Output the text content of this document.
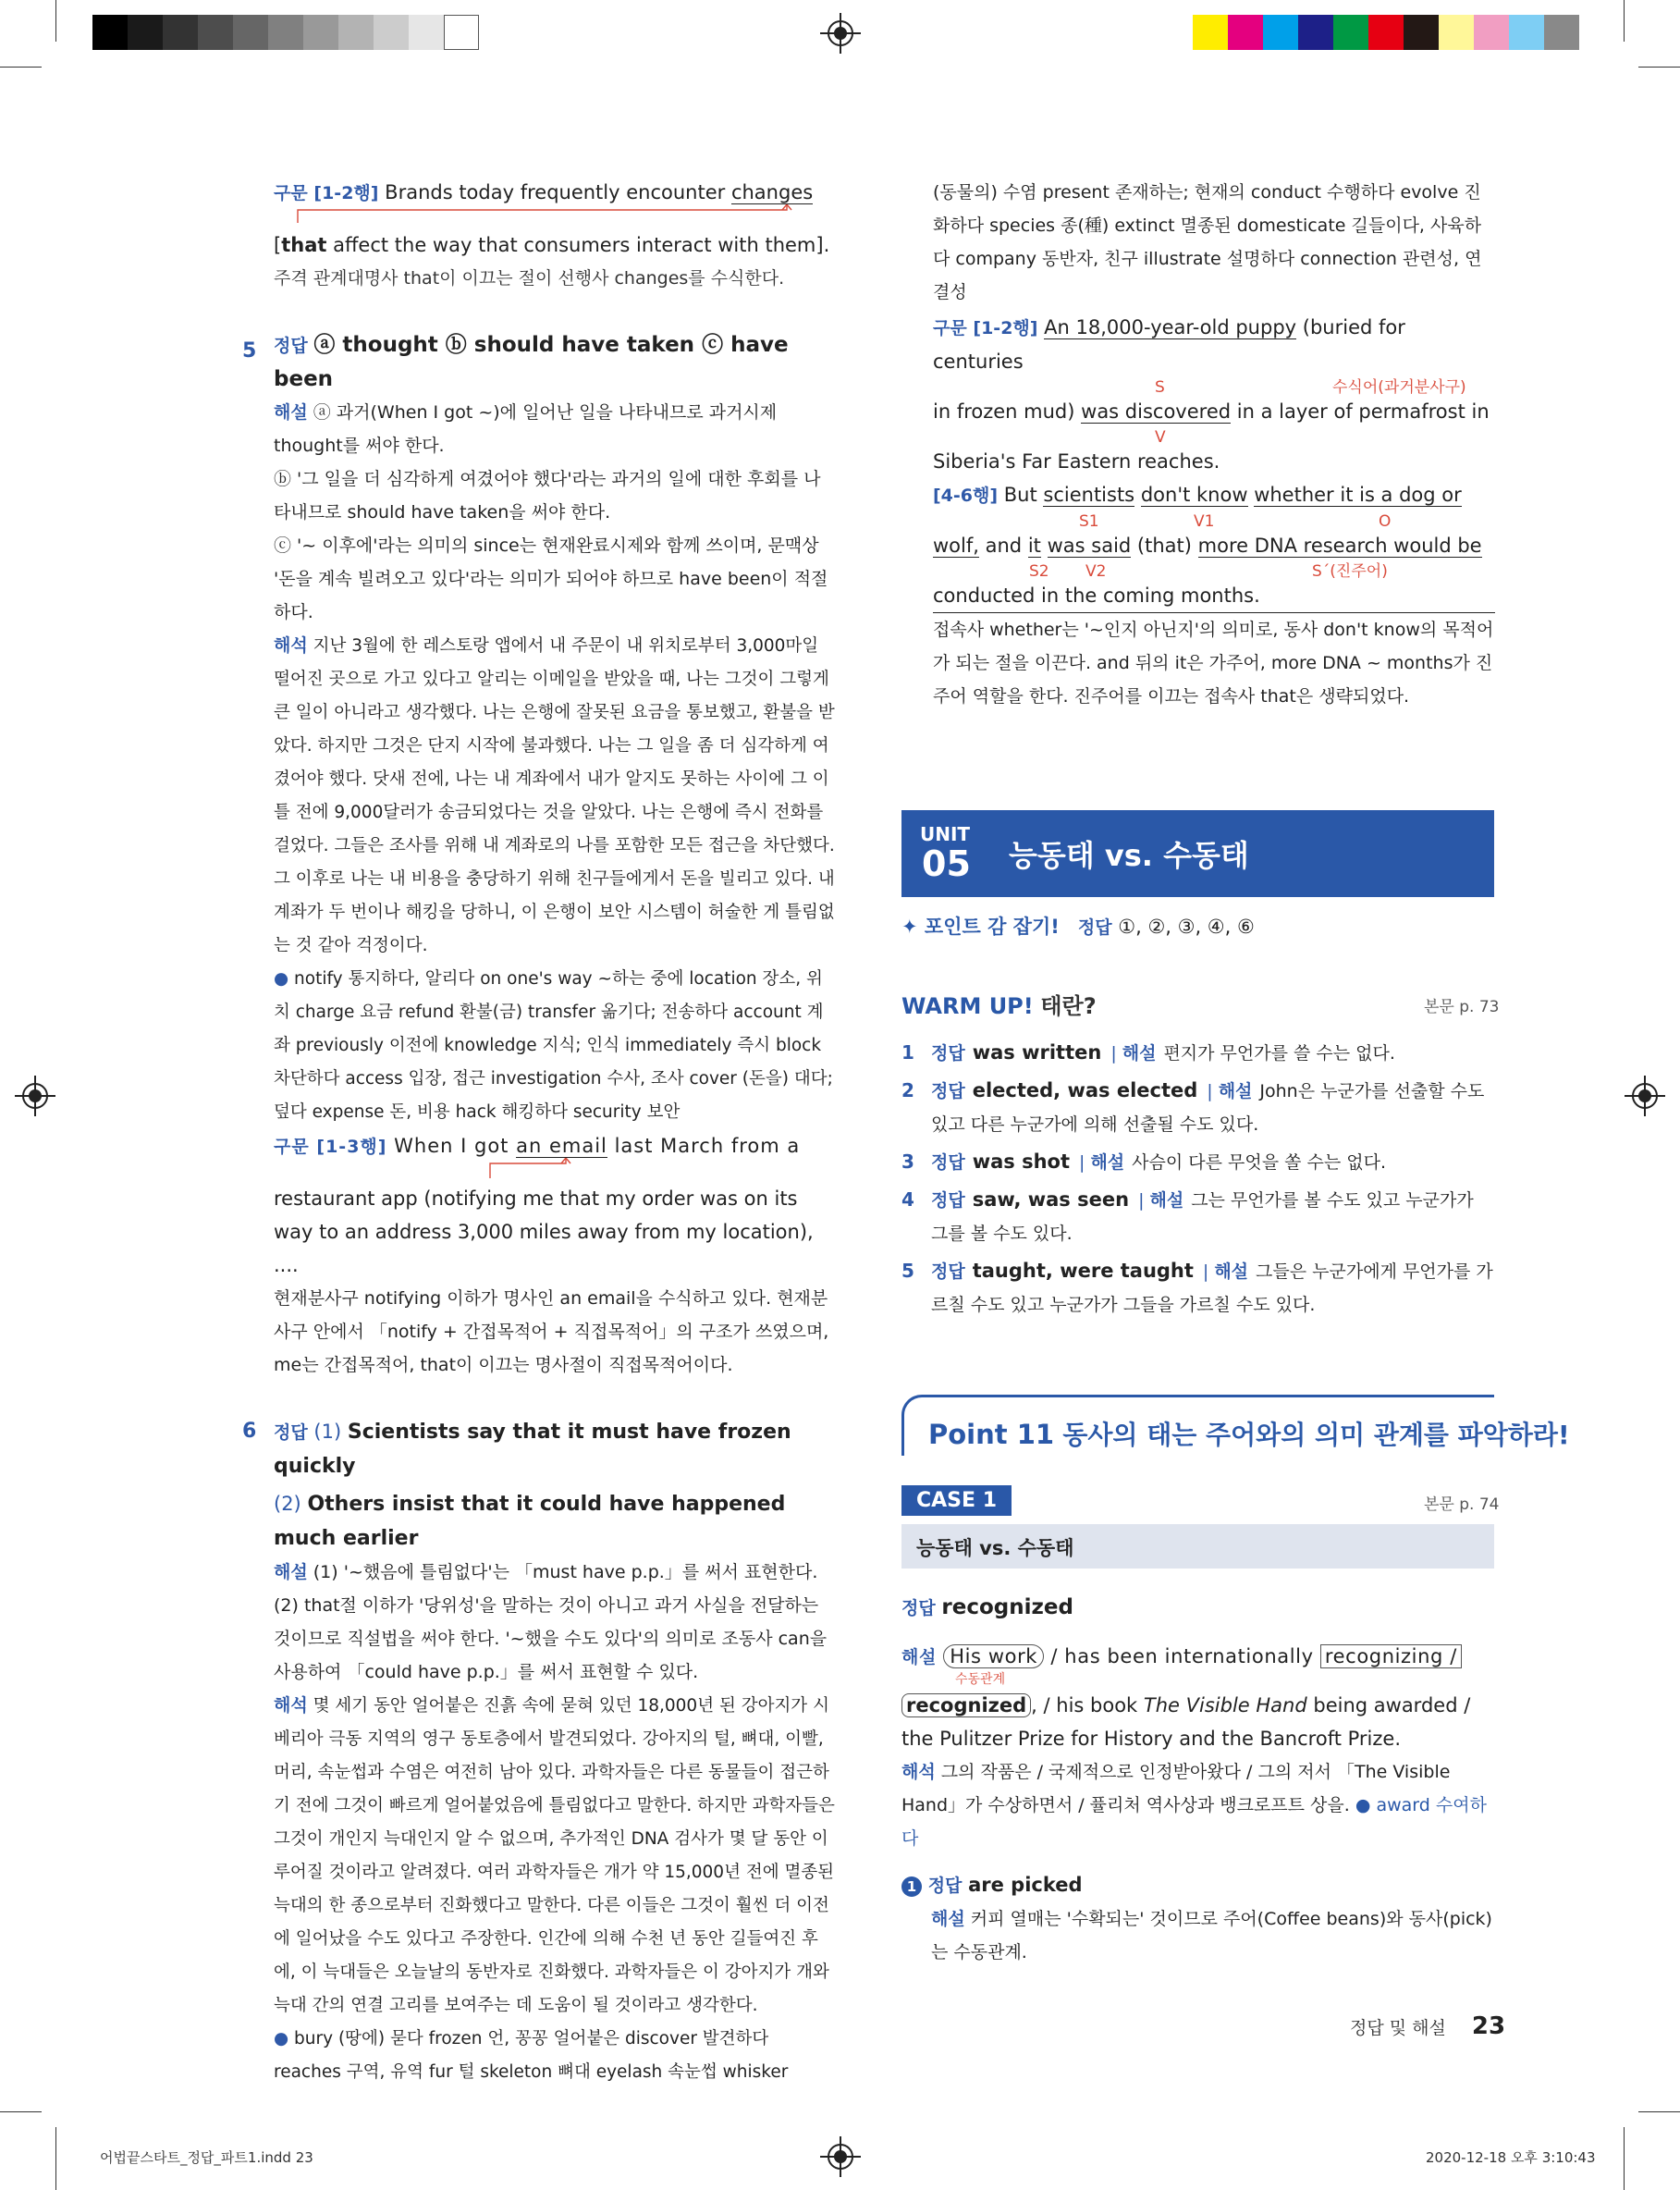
구문 [1-2행] Brands today frequently encounter changes

[that affect the way that consumers interact with them].

주격 관계대명사 that이 이끄는 절이 선행사 changes를 수식한다.

5 정답 ⓐ thought ⓑ should have taken ⓒ have been

해설 ⓐ 과거(When I got ~)에 일어난 일을 나타내므로 과거시제 thought를 써야 한다.

ⓑ '그 일을 더 심각하게 여겼어야 했다'라는 과거의 일에 대한 후회를 나타내므로 should have taken을 써야 한다.

ⓒ '~ 이후에'라는 의미의 since는 현재완료시제와 함께 쓰이며, 문맥상 '돈을 계속 빌려오고 있다'라는 의미가 되어야 하므로 have been이 적절하다.

해석 지난 3월에 한 레스토랑 앱에서 내 주문이 내 위치로부터 3,000마일 떨어진 곳으로 가고 있다고 알리는 이메일을 받았을 때, 나는 그것이 그렇게 큰 일이 아니라고 생각했다. 나는 은행에 잘못된 요금을 통보했고, 환불을 받았다. 하지만 그것은 단지 시작에 불과했다. 나는 그 일을 좀 더 심각하게 여겼어야 했다. 닷새 전에, 나는 내 계좌에서 내가 알지도 못하는 사이에 그 이틀 전에 9,000달러가 송금되었다는 것을 알았다. 나는 은행에 즉시 전화를 걸었다. 그들은 조사를 위해 내 계좌로의 나를 포함한 모든 접근을 차단했다. 그 이후로 나는 내 비용을 충당하기 위해 친구들에게서 돈을 빌리고 있다. 내 계좌가 두 번이나 해킹을 당하니, 이 은행이 보안 시스템이 허술한 게 틀림없는 것 같아 걱정이다.

● notify 통지하다, 알리다 on one's way ~하는 중에 location 장소, 위치 charge 요금 refund 환불(금) transfer 옮기다; 전송하다 account 계좌 previously 이전에 knowledge 지식; 인식 immediately 즉시 block 차단하다 access 입장, 접근 investigation 수사, 조사 cover (돈을) 대다; 덮다 expense 돈, 비용 hack 해킹하다 security 보안

구문 [1-3행] When I got an email last March from a

restaurant app (notifying me that my order was on its way to an address 3,000 miles away from my location), ....

현재분사구 notifying 이하가 명사인 an email을 수식하고 있다. 현재분사구 안에서 「notify + 간접목적어 + 직접목적어」의 구조가 쓰였으며, me는 간접목적어, that이 이끄는 명사절이 직접목적어이다.

6 정답 (1) Scientists say that it must have frozen quickly

(2) Others insist that it could have happened much earlier

해설 (1) '~했음에 틀림없다'는 「must have p.p.」를 써서 표현한다.

(2) that절 이하가 '당위성'을 말하는 것이 아니고 과거 사실을 전달하는 것이므로 직설법을 써야 한다. '~했을 수도 있다'의 의미로 조동사 can을 사용하여 「could have p.p.」를 써서 표현할 수 있다.

해석 몇 세기 동안 얼어붙은 진흙 속에 묻혀 있던 18,000년 된 강아지가 시베리아 극동 지역의 영구 동토층에서 발견되었다. 강아지의 털, 뼈대, 이빨, 머리, 속눈썹과 수염은 여전히 남아 있다. 과학자들은 다른 동물들이 접근하기 전에 그것이 빠르게 얼어붙었음에 틀림없다고 말한다. 하지만 과학자들은 그것이 개인지 늑대인지 알 수 없으며, 추가적인 DNA 검사가 몇 달 동안 이루어질 것이라고 알려졌다. 여러 과학자들은 개가 약 15,000년 전에 멸종된 늑대의 한 종으로부터 진화했다고 말한다. 다른 이들은 그것이 훨씬 더 이전에 일어났을 수도 있다고 주장한다. 인간에 의해 수천 년 동안 길들여진 후에, 이 늑대들은 오늘날의 동반자로 진화했다. 과학자들은 이 강아지가 개와 늑대 간의 연결 고리를 보여주는 데 도움이 될 것이라고 생각한다.

● bury (땅에) 묻다 frozen 언, 꽁꽁 얼어붙은 discover 발견하다 reaches 구역, 유역 fur 털 skeleton 뼈대 eyelash 속눈썹 whisker

(동물의) 수염 present 존재하는; 현재의 conduct 수행하다 evolve 진화하다 species 종(種) extinct 멸종된 domesticate 길들이다, 사육하다 company 동반자, 친구 illustrate 설명하다 connection 관련성, 연결성

구문 [1-2행] An 18,000-year-old puppy (buried for centuries

S	수식어(과거분사구)

in frozen mud) was discovered in a layer of permafrost in

V

Siberia's Far Eastern reaches.

[4-6행] But scientists don't know whether it is a dog or

S1	V1	O

wolf, and it was said (that) more DNA research would be

S2 V2	S´(진주어)

conducted in the coming months.

접속사 whether는 '~인지 아닌지'의 의미로, 동사 don't know의 목적어가 되는 절을 이끈다. and 뒤의 it은 가주어, more DNA ~ months가 진주어 역할을 한다. 진주어를 이끄는 접속사 that은 생략되었다.

UNIT
05 능동태 vs. 수동태
✦ 포인트 감 잡기! 정답 ①, ②, ③, ④, ⑥
WARM UP! 태란?	본문 p. 73

1 정답 was written | 해설 편지가 무언가를 쓸 수는 없다.

2 정답 elected, was elected | 해설 John은 누군가를 선출할 수도 있고 다른 누군가에 의해 선출될 수도 있다.

3 정답 was shot | 해설 사슴이 다른 무엇을 쏠 수는 없다.

4 정답 saw, was seen | 해설 그는 무언가를 볼 수도 있고 누군가가 그를 볼 수도 있다.

5 정답 taught, were taught | 해설 그들은 누군가에게 무언가를 가르칠 수도 있고 누군가가 그들을 가르칠 수도 있다.

Point 11 동사의 태는 주어와의 의미 관계를 파악하라!
CASE 1	본문 p. 74
능동태 vs. 수동태

정답 recognized

해설 His work / has been internationally recognizing /

수동관계

recognized , / his book The Visible Hand being awarded /

the Pulitzer Prize for History and the Bancroft Prize.

해석 그의 작품은 / 국제적으로 인정받아왔다 / 그의 저서 「The Visible Hand」가 수상하면서 / 퓰리처 역사상과 뱅크로프트 상을. ● award 수여하다

1 정답 are picked

해설 커피 열매는 '수확되는' 것이므로 주어(Coffee beans)와 동사(pick)는 수동관계.

정답 및 해설 23
어법끝스타트_정답_파트1.indd 23	2020-12-18 오후 3:10:43
